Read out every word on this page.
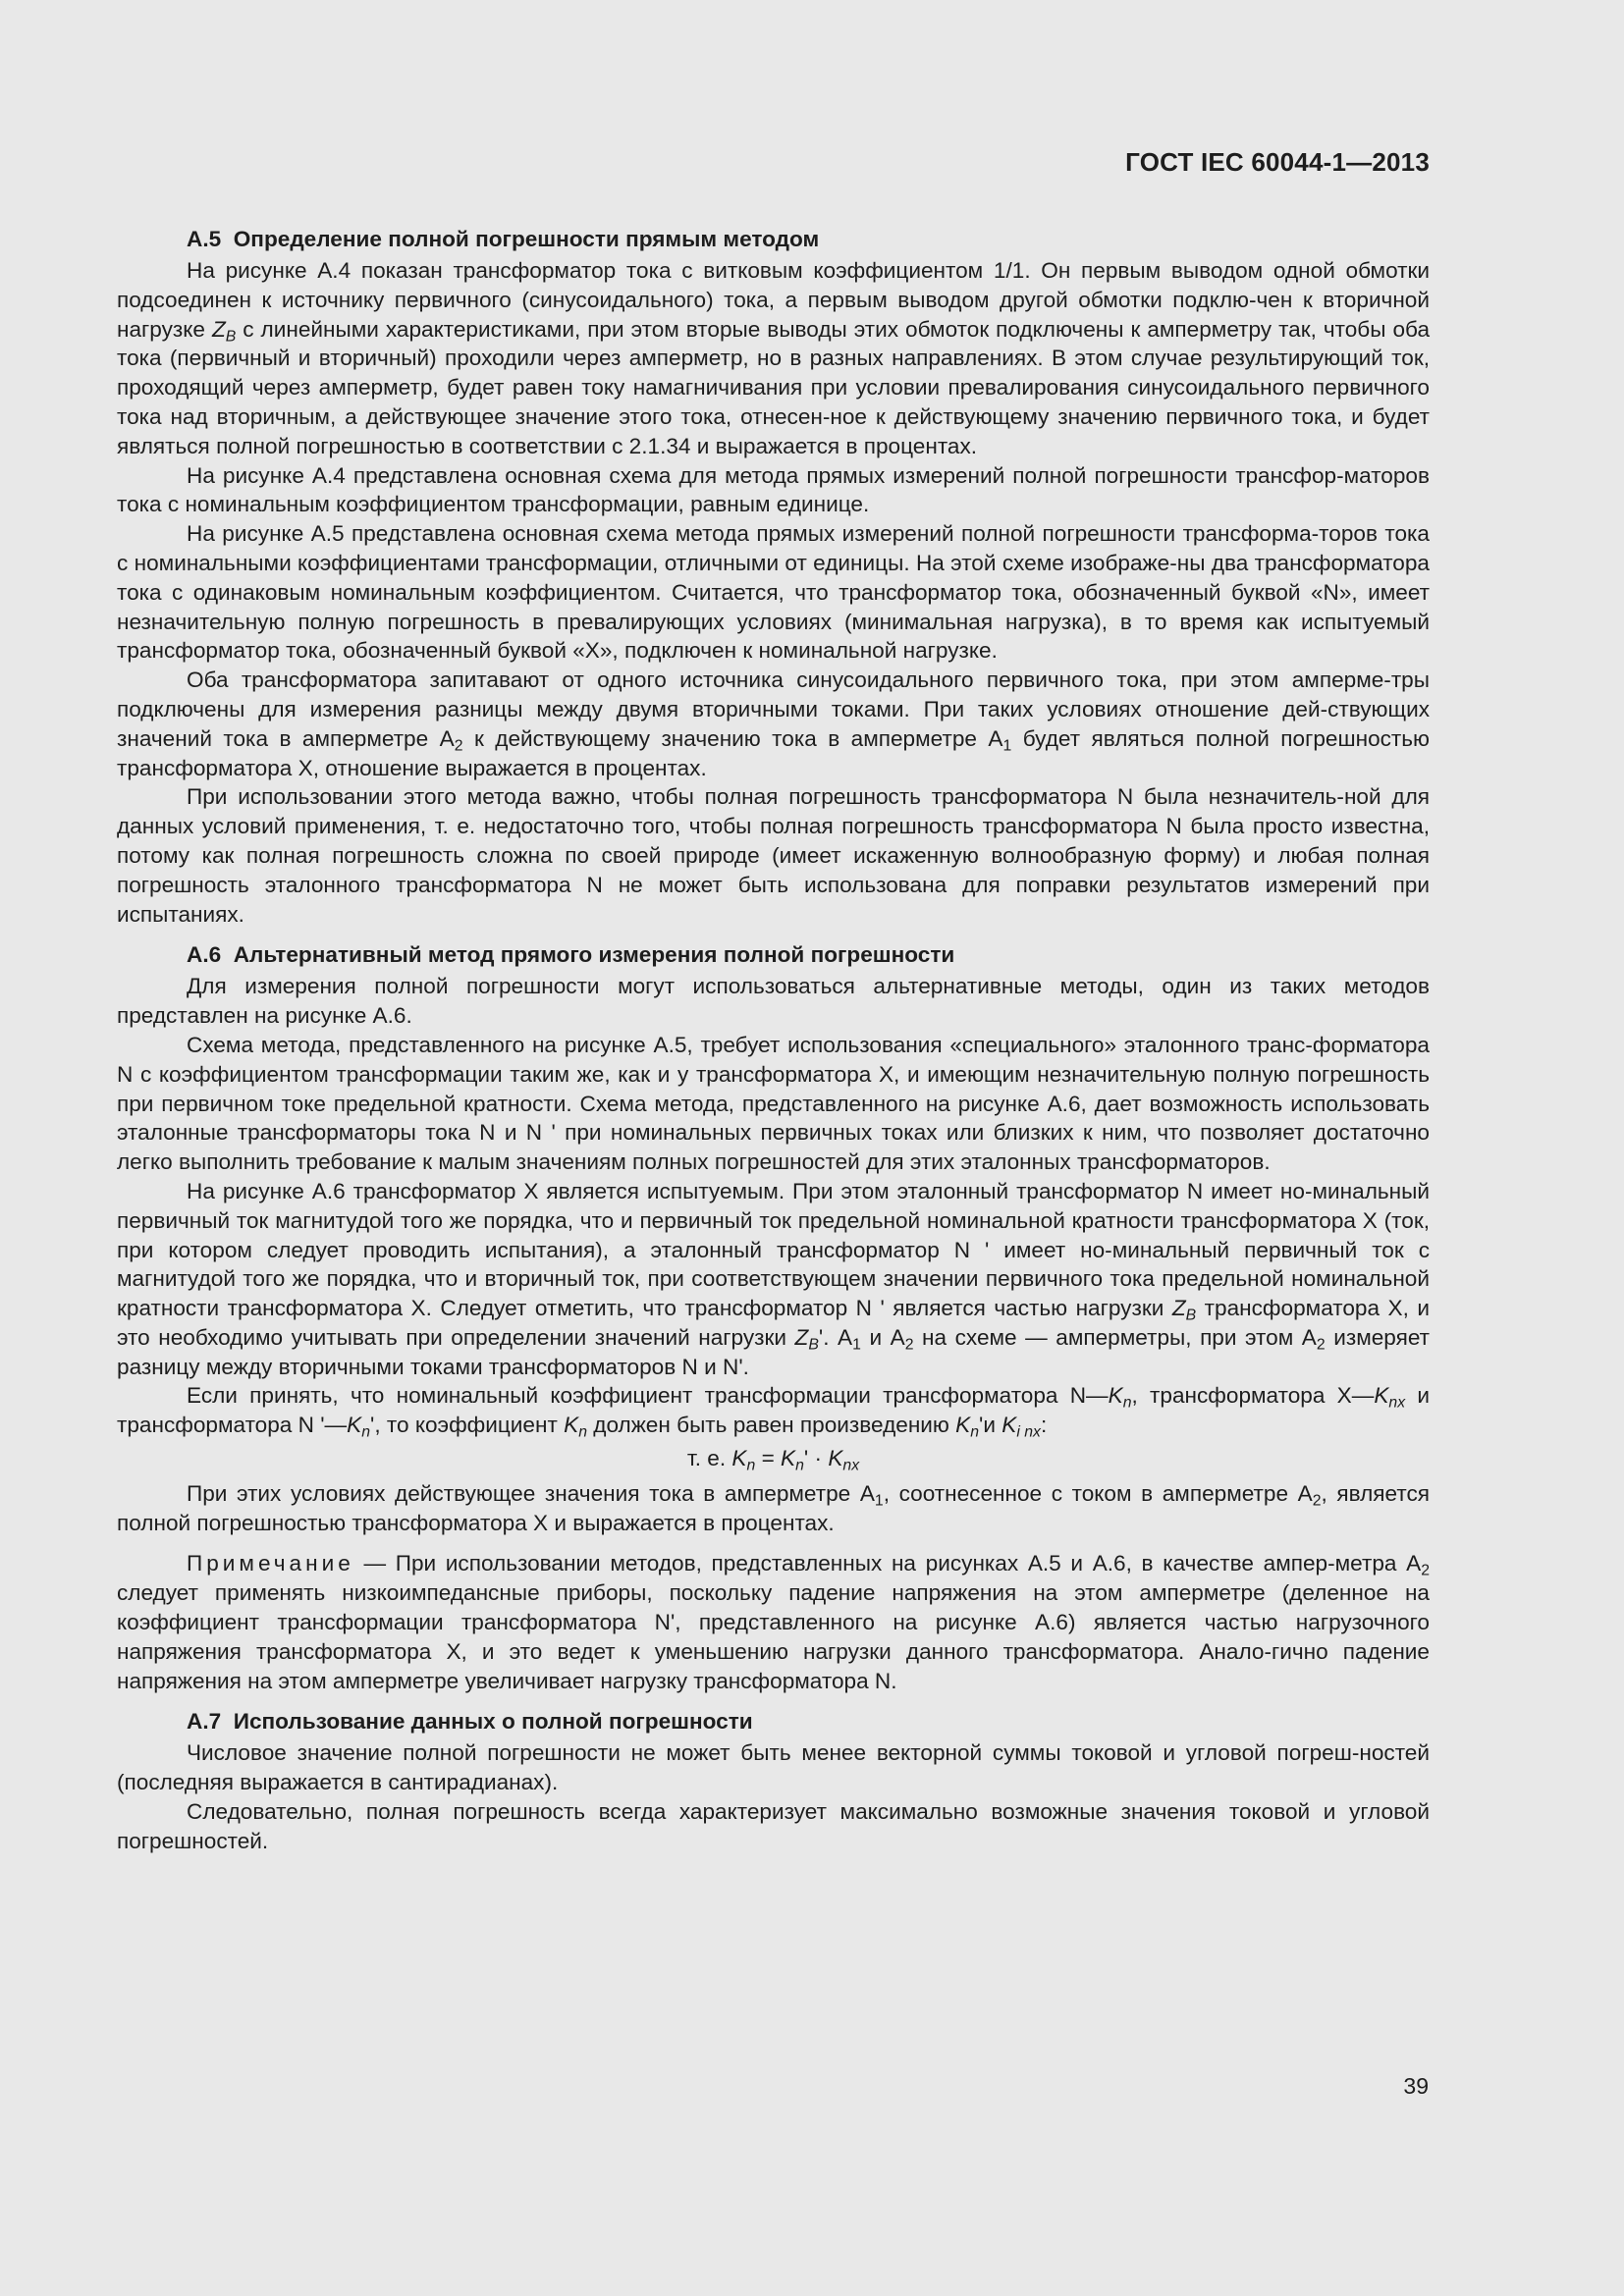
ГОСТ IEC 60044-1—2013
А.5 Определение полной погрешности прямым методом

На рисунке А.4 показан трансформатор тока с витковым коэффициентом 1/1. Он первым выводом одной обмотки подсоединен к источнику первичного (синусоидального) тока, а первым выводом другой обмотки подклю-чен к вторичной нагрузке $Z_B$ с линейными характеристиками, при этом вторые выводы этих обмоток подключены к амперметру так, чтобы оба тока (первичный и вторичный) проходили через амперметр, но в разных направлениях. В этом случае результирующий ток, проходящий через амперметр, будет равен току намагничивания при условии превалирования синусоидального первичного тока над вторичным, а действующее значение этого тока, отнесен-ное к действующему значению первичного тока, и будет являться полной погрешностью в соответствии с 2.1.34 и выражается в процентах.

На рисунке А.4 представлена основная схема для метода прямых измерений полной погрешности трансфор-маторов тока с номинальным коэффициентом трансформации, равным единице.

На рисунке А.5 представлена основная схема метода прямых измерений полной погрешности трансформа-торов тока с номинальными коэффициентами трансформации, отличными от единицы. На этой схеме изображе-ны два трансформатора тока с одинаковым номинальным коэффициентом. Считается, что трансформатор тока, обозначенный буквой «N», имеет незначительную полную погрешность в превалирующих условиях (минимальная нагрузка), в то время как испытуемый трансформатор тока, обозначенный буквой «X», подключен к номинальной нагрузке.

Оба трансформатора запитавают от одного источника синусоидального первичного тока, при этом амперме-тры подключены для измерения разницы между двумя вторичными токами. При таких условиях отношение дей-ствующих значений тока в амперметре $А_2$ к действующему значению тока в амперметре $А_1$ будет являться полной погрешностью трансформатора X, отношение выражается в процентах.

При использовании этого метода важно, чтобы полная погрешность трансформатора N была незначитель-ной для данных условий применения, т. е. недостаточно того, чтобы полная погрешность трансформатора N была просто известна, потому как полная погрешность сложна по своей природе (имеет искаженную волнообразную форму) и любая полная погрешность эталонного трансформатора N не может быть использована для поправки результатов измерений при испытаниях.

А.6 Альтернативный метод прямого измерения полной погрешности

Для измерения полной погрешности могут использоваться альтернативные методы, один из таких методов представлен на рисунке А.6.

Схема метода, представленного на рисунке А.5, требует использования «специального» эталонного транс-форматора N с коэффициентом трансформации таким же, как и у трансформатора X, и имеющим незначительную полную погрешность при первичном токе предельной кратности. Схема метода, представленного на рисунке А.6, дает возможность использовать эталонные трансформаторы тока N и N ' при номинальных первичных токах или близких к ним, что позволяет достаточно легко выполнить требование к малым значениям полных погрешностей для этих эталонных трансформаторов.

На рисунке А.6 трансформатор X является испытуемым. При этом эталонный трансформатор N имеет но-минальный первичный ток магнитудой того же порядка, что и первичный ток предельной номинальной кратности трансформатора X (ток, при котором следует проводить испытания), а эталонный трансформатор N ' имеет но-минальный первичный ток с магнитудой того же порядка, что и вторичный ток, при соответствующем значении первичного тока предельной номинальной кратности трансформатора X. Следует отметить, что трансформатор N ' является частью нагрузки $Z_B$ трансформатора X, и это необходимо учитывать при определении значений нагрузки $Z_B'$. $А_1$ и $А_2$ на схеме — амперметры, при этом $А_2$ измеряет разницу между вторичными токами трансформаторов N и N'.

Если принять, что номинальный коэффициент трансформации трансформатора $N—K_n$, трансформатора $X—K_{nx}$ и трансформатора N '$—K_n$', то коэффициент $K_n$ должен быть равен произведению $K_n'и$ $K_{i nx}$:

т. е. $K_n = K_n' \cdot K_{nx}$

При этих условиях действующее значения тока в амперметре $А_1$, соотнесенное с током в амперметре $А_2$, является полной погрешностью трансформатора X и выражается в процентах.

Примечание — При использовании методов, представленных на рисунках А.5 и А.6, в качестве ампер-метра $А_2$ следует применять низкоимпедансные приборы, поскольку падение напряжения на этом амперметре (деленное на коэффициент трансформации трансформатора N', представленного на рисунке А.6) является частью нагрузочного напряжения трансформатора X, и это ведет к уменьшению нагрузки данного трансформатора. Анало-гично падение напряжения на этом амперметре увеличивает нагрузку трансформатора N.

А.7 Использование данных о полной погрешности

Числовое значение полной погрешности не может быть менее векторной суммы токовой и угловой погреш-ностей (последняя выражается в сантирадианах).

Следовательно, полная погрешность всегда характеризует максимально возможные значения токовой и угловой погрешностей.

39
